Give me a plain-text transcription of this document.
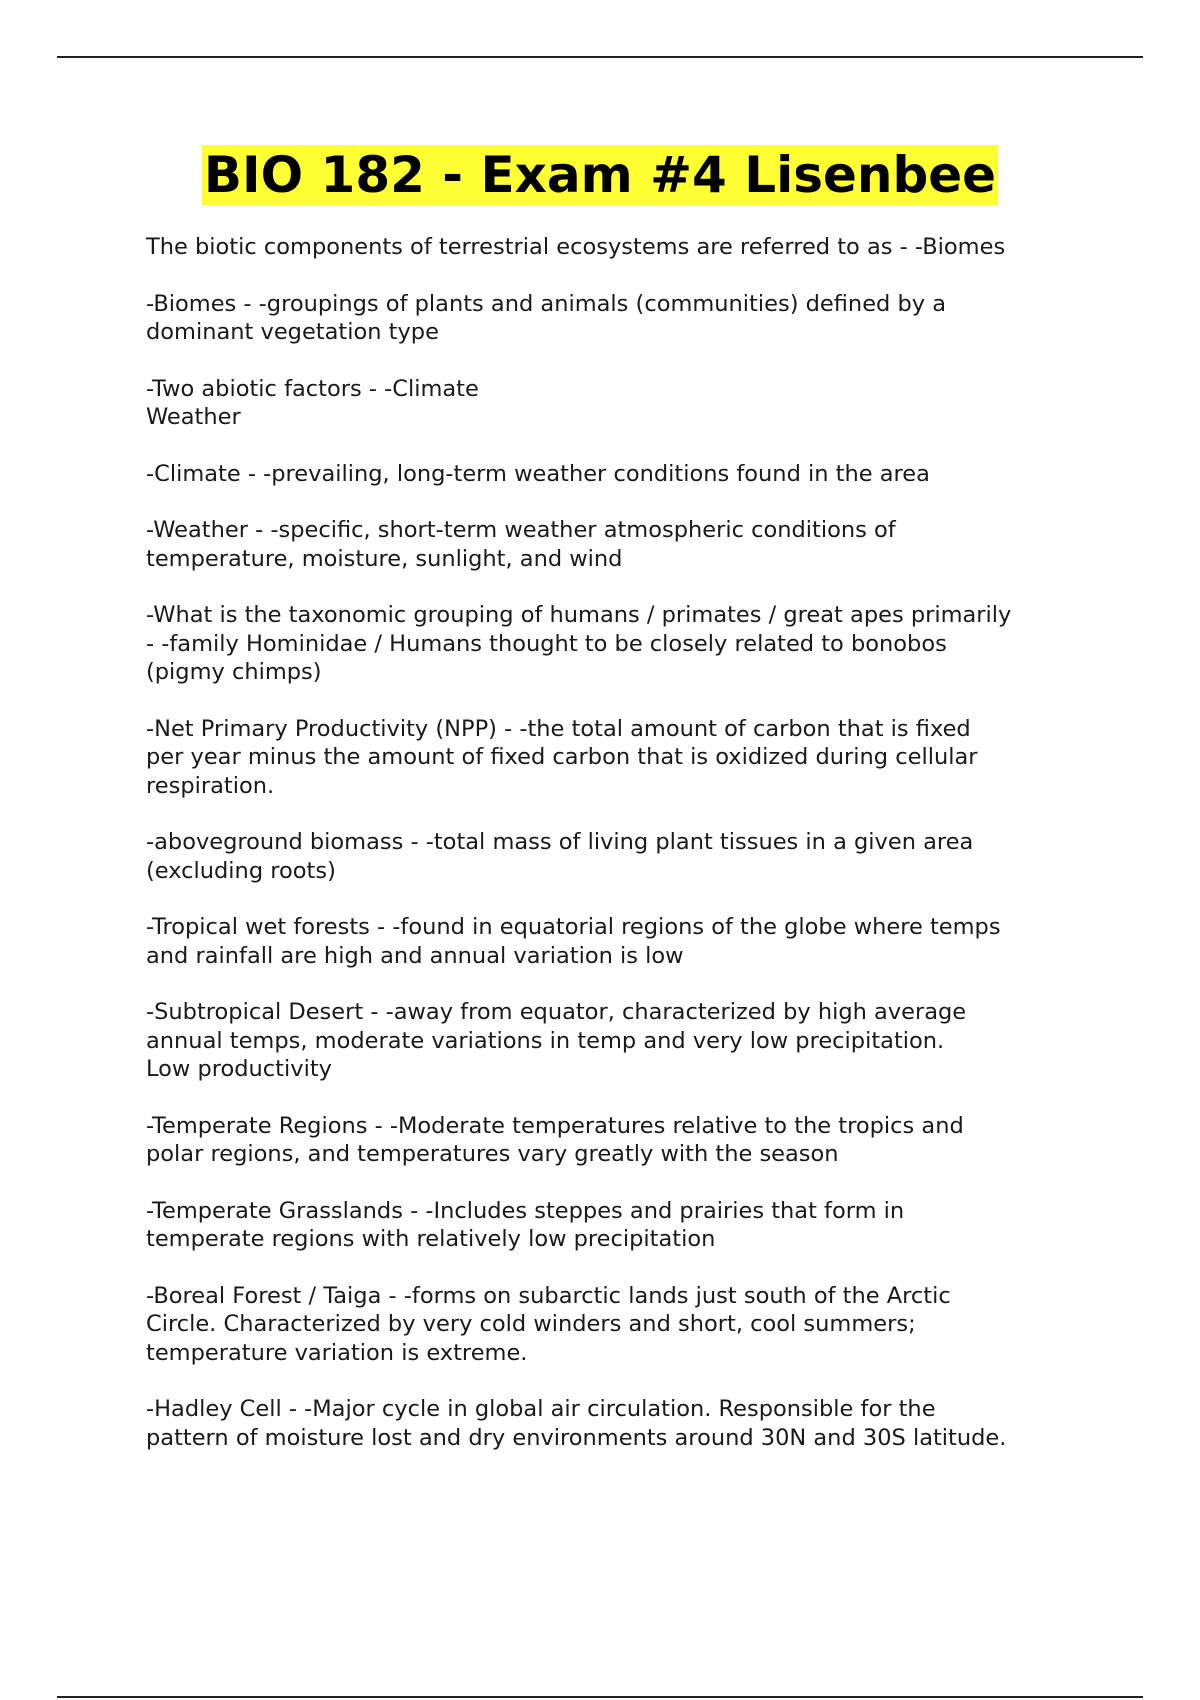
BIO 182 - Exam #4 Lisenbee

The biotic components of terrestrial ecosystems are referred to as - -Biomes

-Biomes - -groupings of plants and animals (communities) defined by a
dominant vegetation type

-Two abiotic factors - -Climate
Weather

-Climate - -prevailing, long-term weather conditions found in the area

-Weather - -specific, short-term weather atmospheric conditions of
temperature, moisture, sunlight, and wind

-What is the taxonomic grouping of humans / primates / great apes primarily
- -family Hominidae / Humans thought to be closely related to bonobos
(pigmy chimps)

-Net Primary Productivity (NPP) - -the total amount of carbon that is fixed
per year minus the amount of fixed carbon that is oxidized during cellular
respiration.

-aboveground biomass - -total mass of living plant tissues in a given area
(excluding roots)

-Tropical wet forests - -found in equatorial regions of the globe where temps
and rainfall are high and annual variation is low

-Subtropical Desert - -away from equator, characterized by high average
annual temps, moderate variations in temp and very low precipitation.
Low productivity

-Temperate Regions - -Moderate temperatures relative to the tropics and
polar regions, and temperatures vary greatly with the season

-Temperate Grasslands - -Includes steppes and prairies that form in
temperate regions with relatively low precipitation

-Boreal Forest / Taiga - -forms on subarctic lands just south of the Arctic
Circle. Characterized by very cold winders and short, cool summers;
temperature variation is extreme.

-Hadley Cell - -Major cycle in global air circulation. Responsible for the
pattern of moisture lost and dry environments around 30N and 30S latitude.
